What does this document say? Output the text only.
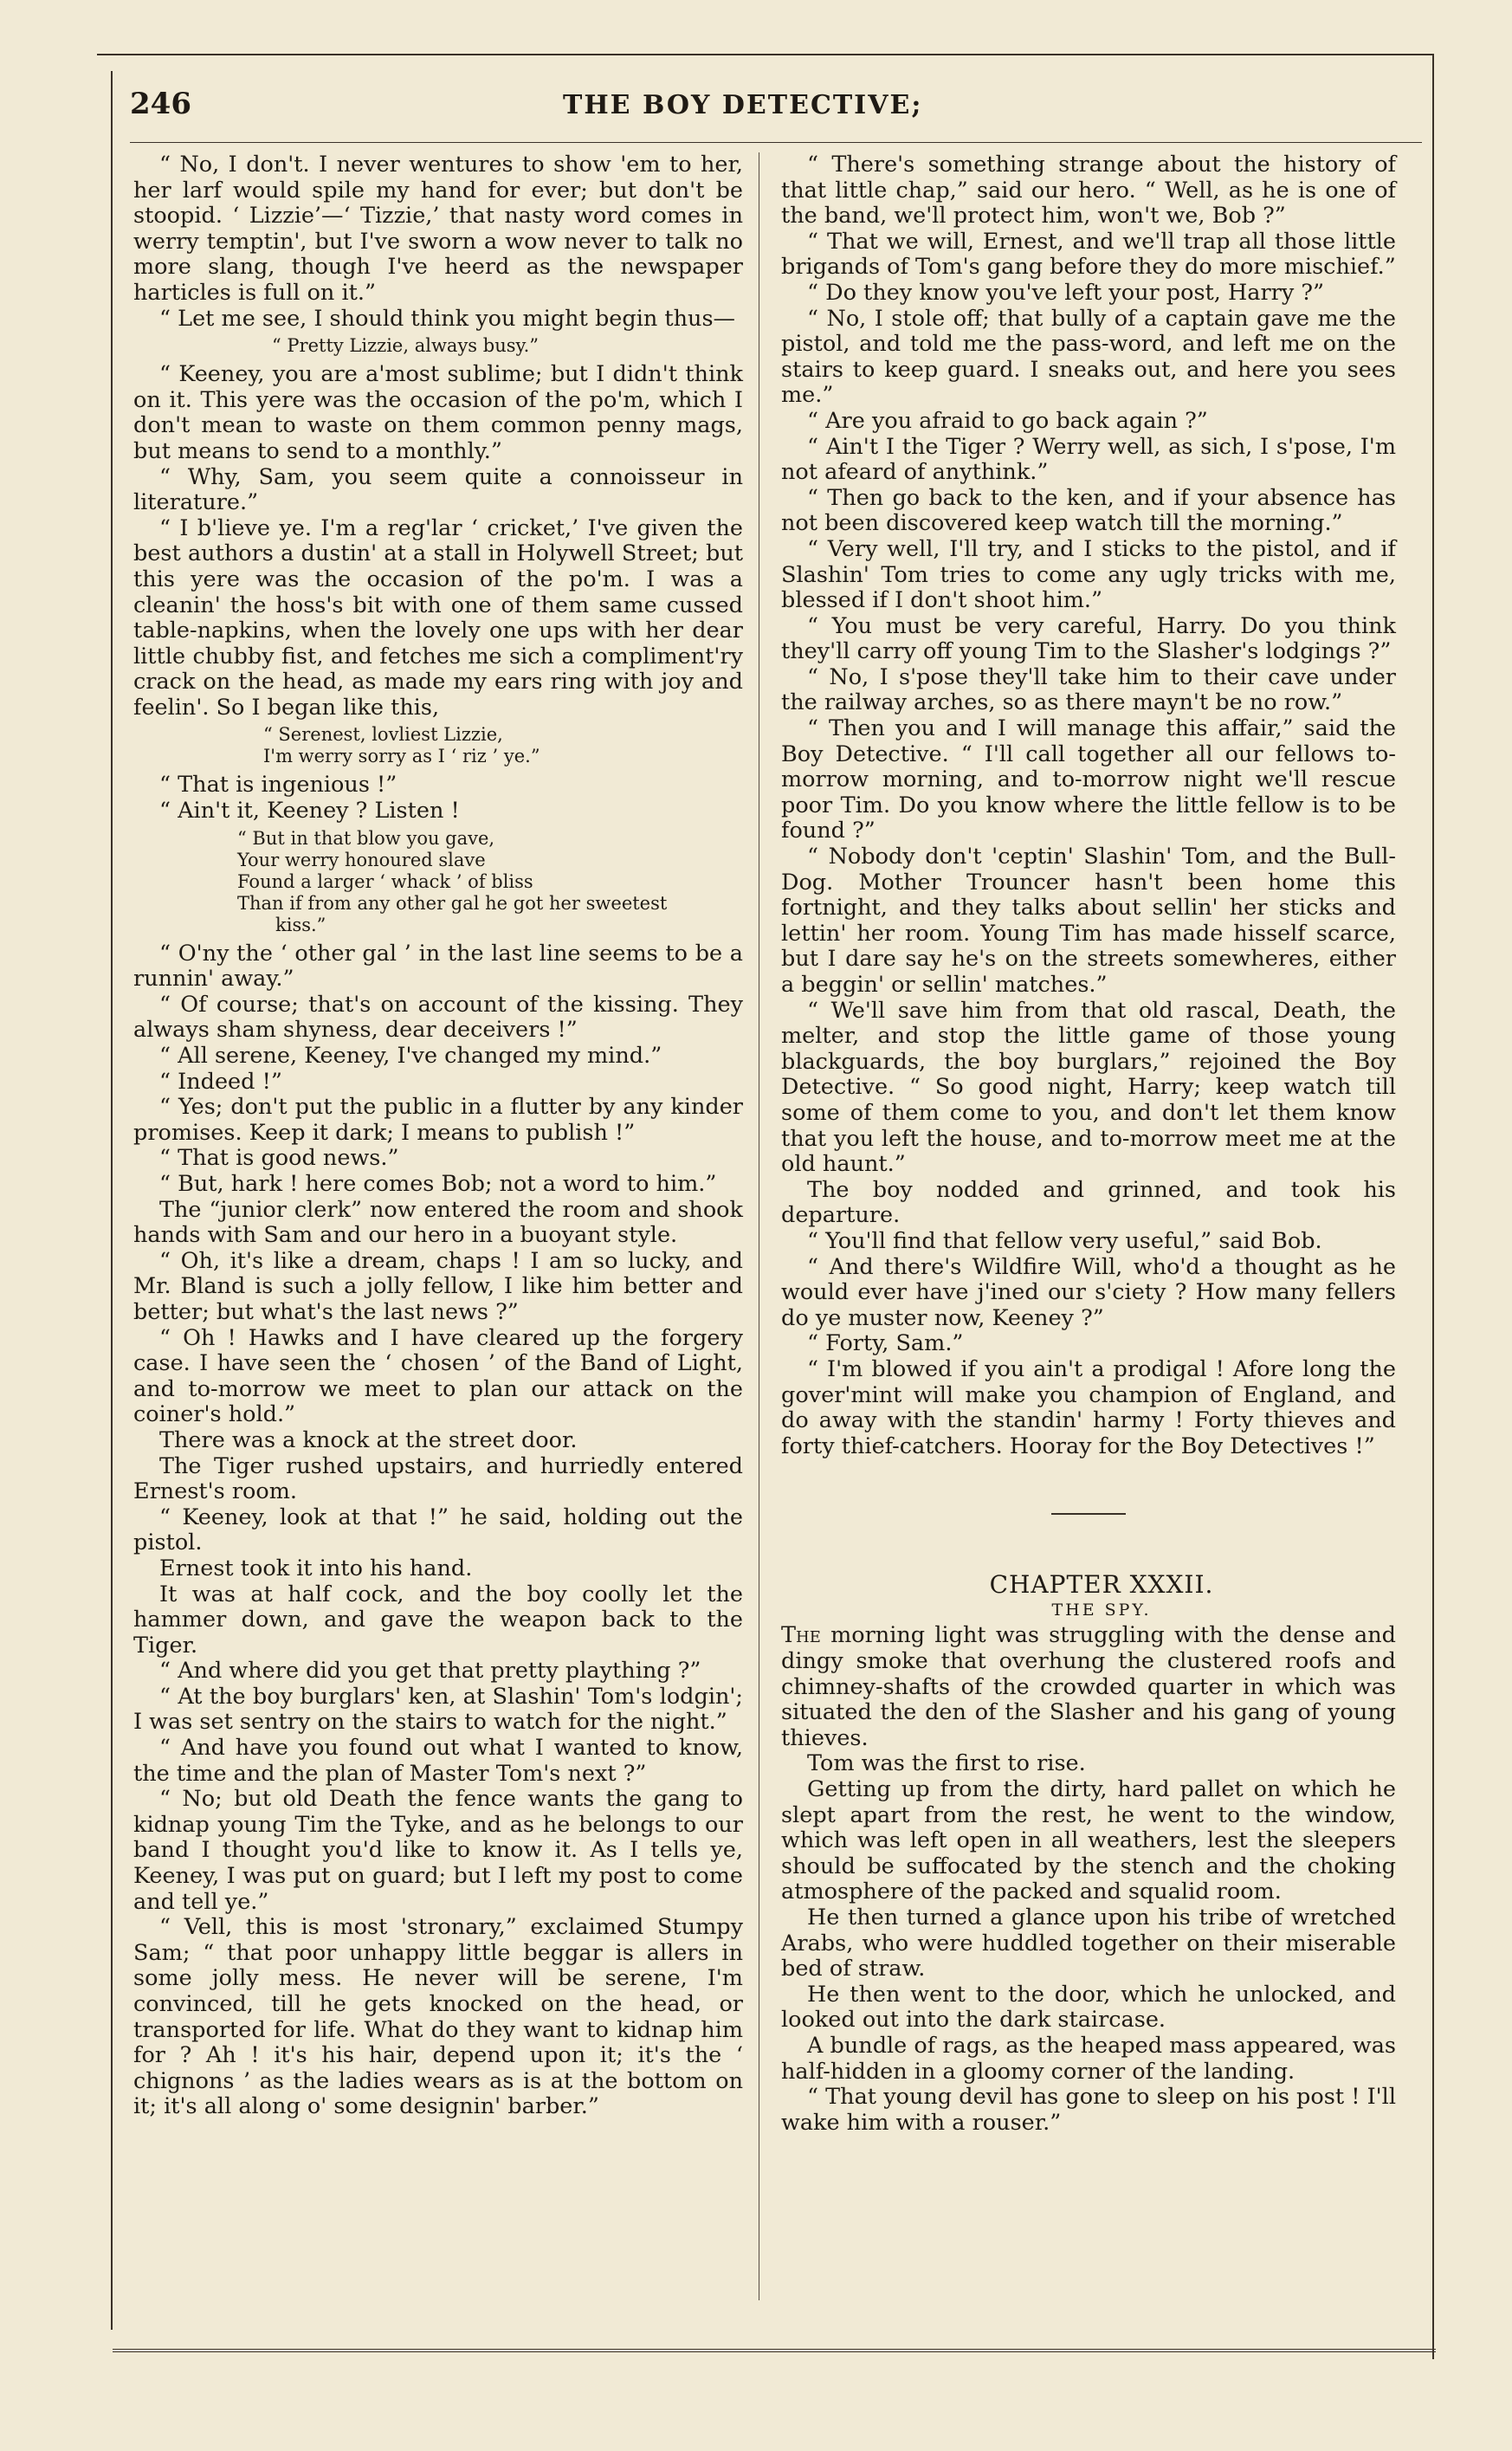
246	THE BOY DETECTIVE;

“ No, I don't. I never wentures to show 'em to her, her larf would spile my hand for ever; but don't be stoopid. ‘ Lizzie’—‘ Tizzie,’ that nasty word comes in werry temptin', but I've sworn a wow never to talk no more slang, though I've heerd as the newspaper harticles is full on it.”

“ Let me see, I should think you might begin thus—

“ Pretty Lizzie, always busy.”

“ Keeney, you are a'most sublime; but I didn't think on it. This yere was the occasion of the po'm, which I don't mean to waste on them common penny mags, but means to send to a monthly.”

“ Why, Sam, you seem quite a connoisseur in literature.”

“ I b'lieve ye. I'm a reg'lar ‘ cricket,’ I've given the best authors a dustin' at a stall in Holywell Street; but this yere was the occasion of the po'm. I was a cleanin' the hoss's bit with one of them same cussed table-napkins, when the lovely one ups with her dear little chubby fist, and fetches me sich a compliment'ry crack on the head, as made my ears ring with joy and feelin'. So I began like this,

“ Serenest, lovliest Lizzie,
I'm werry sorry as I ‘ riz ’ ye.”

“ That is ingenious !”

“ Ain't it, Keeney ? Listen !

“ But in that blow you gave,
Your werry honoured slave
Found a larger ‘ whack ’ of bliss
Than if from any other gal he got her sweetest
kiss.”

“ O'ny the ‘ other gal ’ in the last line seems to be a runnin' away.”

“ Of course; that's on account of the kissing. They always sham shyness, dear deceivers !”

“ All serene, Keeney, I've changed my mind.”

“ Indeed !”

“ Yes; don't put the public in a flutter by any kinder promises. Keep it dark; I means to publish !”

“ That is good news.”

“ But, hark ! here comes Bob; not a word to him.”

The “junior clerk” now entered the room and shook hands with Sam and our hero in a buoyant style.

“ Oh, it's like a dream, chaps ! I am so lucky, and Mr. Bland is such a jolly fellow, I like him better and better; but what's the last news ?”

“ Oh ! Hawks and I have cleared up the forgery case. I have seen the ‘ chosen ’ of the Band of Light, and to-morrow we meet to plan our attack on the coiner's hold.”

There was a knock at the street door.

The Tiger rushed upstairs, and hurriedly entered Ernest's room.

“ Keeney, look at that !” he said, holding out the pistol.

Ernest took it into his hand.

It was at half cock, and the boy coolly let the hammer down, and gave the weapon back to the Tiger.

“ And where did you get that pretty plaything ?”

“ At the boy burglars' ken, at Slashin' Tom's lodgin'; I was set sentry on the stairs to watch for the night.”

“ And have you found out what I wanted to know, the time and the plan of Master Tom's next ?”

“ No; but old Death the fence wants the gang to kidnap young Tim the Tyke, and as he belongs to our band I thought you'd like to know it. As I tells ye, Keeney, I was put on guard; but I left my post to come and tell ye.”

“ Vell, this is most 'stronary,” exclaimed Stumpy Sam; “ that poor unhappy little beggar is allers in some jolly mess. He never will be serene, I'm convinced, till he gets knocked on the head, or transported for life. What do they want to kidnap him for ? Ah ! it's his hair, depend upon it; it's the ‘ chignons ’ as the ladies wears as is at the bottom on it; it's all along o' some designin' barber.”

“ There's something strange about the history of that little chap,” said our hero. “ Well, as he is one of the band, we'll protect him, won't we, Bob ?”

“ That we will, Ernest, and we'll trap all those little brigands of Tom's gang before they do more mischief.”

“ Do they know you've left your post, Harry ?”

“ No, I stole off; that bully of a captain gave me the pistol, and told me the pass-word, and left me on the stairs to keep guard. I sneaks out, and here you sees me.”

“ Are you afraid to go back again ?”

“ Ain't I the Tiger ? Werry well, as sich, I s'pose, I'm not afeard of anythink.”

“ Then go back to the ken, and if your absence has not been discovered keep watch till the morning.”

“ Very well, I'll try, and I sticks to the pistol, and if Slashin' Tom tries to come any ugly tricks with me, blessed if I don't shoot him.”

“ You must be very careful, Harry. Do you think they'll carry off young Tim to the Slasher's lodgings ?”

“ No, I s'pose they'll take him to their cave under the railway arches, so as there mayn't be no row.”

“ Then you and I will manage this affair,” said the Boy Detective. “ I'll call together all our fellows to-morrow morning, and to-morrow night we'll rescue poor Tim. Do you know where the little fellow is to be found ?”

“ Nobody don't 'ceptin' Slashin' Tom, and the Bull-Dog. Mother Trouncer hasn't been home this fortnight, and they talks about sellin' her sticks and lettin' her room. Young Tim has made hisself scarce, but I dare say he's on the streets somewheres, either a beggin' or sellin' matches.”

“ We'll save him from that old rascal, Death, the melter, and stop the little game of those young blackguards, the boy burglars,” rejoined the Boy Detective. “ So good night, Harry; keep watch till some of them come to you, and don't let them know that you left the house, and to-morrow meet me at the old haunt.”

The boy nodded and grinned, and took his departure.

“ You'll find that fellow very useful,” said Bob.

“ And there's Wildfire Will, who'd a thought as he would ever have j'ined our s'ciety ? How many fellers do ye muster now, Keeney ?”

“ Forty, Sam.”

“ I'm blowed if you ain't a prodigal ! Afore long the gover'mint will make you champion of England, and do away with the standin' harmy ! Forty thieves and forty thief-catchers. Hooray for the Boy Detectives !”

CHAPTER XXXII.

THE SPY.

The morning light was struggling with the dense and dingy smoke that overhung the clustered roofs and chimney-shafts of the crowded quarter in which was situated the den of the Slasher and his gang of young thieves.

Tom was the first to rise.

Getting up from the dirty, hard pallet on which he slept apart from the rest, he went to the window, which was left open in all weathers, lest the sleepers should be suffocated by the stench and the choking atmosphere of the packed and squalid room.

He then turned a glance upon his tribe of wretched Arabs, who were huddled together on their miserable bed of straw.

He then went to the door, which he unlocked, and looked out into the dark staircase.

A bundle of rags, as the heaped mass appeared, was half-hidden in a gloomy corner of the landing.

“ That young devil has gone to sleep on his post ! I'll wake him with a rouser.”
